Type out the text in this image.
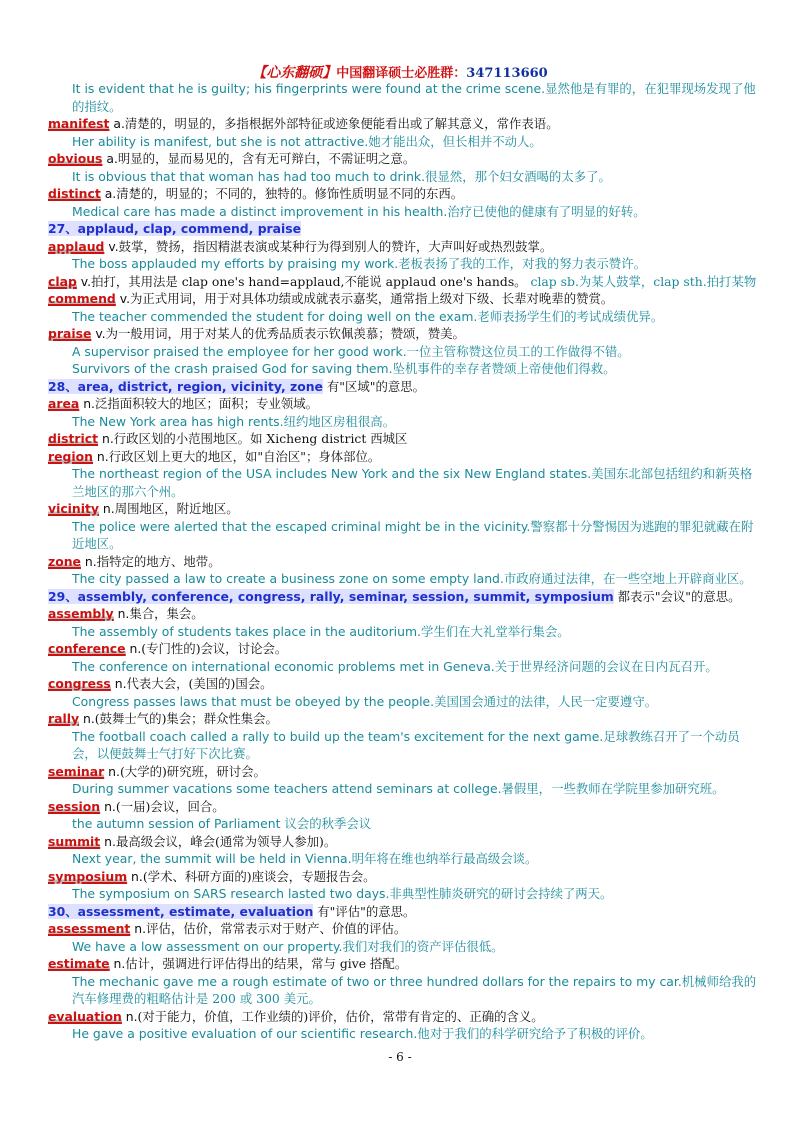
【心东翻硕】中国翻译硕士必胜群：347113660
It is evident that he is guilty; his fingerprints were found at the crime scene.显然他是有罪的，在犯罪现场发现了他的指纹。
manifest a.清楚的，明显的，多指根据外部特征或迹象便能看出或了解其意义，常作表语。
Her ability is manifest, but she is not attractive.她才能出众，但长相并不动人。
obvious a.明显的，显而易见的，含有无可辩白，不需证明之意。
It is obvious that that woman has had too much to drink.很显然，那个妇女酒喝的太多了。
distinct a.清楚的，明显的；不同的，独特的。修饰性质明显不同的东西。
Medical care has made a distinct improvement in his health.治疗已使他的健康有了明显的好转。
27、applaud, clap, commend, praise
applaud v.鼓掌，赞扬，指因精湛表演或某种行为得到别人的赞许，大声叫好或热烈鼓掌。
The boss applauded my efforts by praising my work.老板表扬了我的工作，对我的努力表示赞许。
clap v.拍打，其用法是 clap one's hand=applaud,不能说 applaud one's hands。 clap sb.为某人鼓掌，clap sth.拍打某物
commend v.为正式用词，用于对具体功绩或成就表示嘉奖，通常指上级对下级、长辈对晚辈的赞赏。
The teacher commended the student for doing well on the exam.老师表扬学生们的考试成绩优异。
praise v.为一般用词，用于对某人的优秀品质表示钦佩羡慕；赞颂，赞美。
A supervisor praised the employee for her good work.一位主管称赞这位员工的工作做得不错。
Survivors of the crash praised God for saving them.坠机事件的幸存者赞颂上帝使他们得救。
28、area, district, region, vicinity, zone 有"区域"的意思。
area n.泛指面积较大的地区；面积；专业领域。
The New York area has high rents.纽约地区房租很高。
district n.行政区划的小范围地区。如 Xicheng district 西城区
region n.行政区划上更大的地区，如"自治区"；身体部位。
The northeast region of the USA includes New York and the six New England states.美国东北部包括纽约和新英格兰地区的那六个州。
vicinity n.周围地区，附近地区。
The police were alerted that the escaped criminal might be in the vicinity.警察都十分警惕因为逃跑的罪犯就藏在附近地区。
zone n.指特定的地方、地带。
The city passed a law to create a business zone on some empty land.市政府通过法律，在一些空地上开辟商业区。
29、assembly, conference, congress, rally, seminar, session, summit, symposium 都表示"会议"的意思。
assembly n.集合，集会。
The assembly of students takes place in the auditorium.学生们在大礼堂举行集会。
conference n.(专门性的)会议，讨论会。
The conference on international economic problems met in Geneva.关于世界经济问题的会议在日内瓦召开。
congress n.代表大会，(美国的)国会。
Congress passes laws that must be obeyed by the people.美国国会通过的法律，人民一定要遵守。
rally n.(鼓舞士气的)集会；群众性集会。
The football coach called a rally to build up the team's excitement for the next game.足球教练召开了一个动员会，以便鼓舞士气打好下次比赛。
seminar n.(大学的)研究班，研讨会。
During summer vacations some teachers attend seminars at college.暑假里，一些教师在学院里参加研究班。
session n.(一届)会议，回合。
the autumn session of Parliament 议会的秋季会议
summit n.最高级会议，峰会(通常为领导人参加)。
Next year, the summit will be held in Vienna.明年将在维也纳举行最高级会谈。
symposium n.(学术、科研方面的)座谈会，专题报告会。
The symposium on SARS research lasted two days.非典型性肺炎研究的研讨会持续了两天。
30、assessment, estimate, evaluation 有"评估"的意思。
assessment n.评估，估价，常常表示对于财产、价值的评估。
We have a low assessment on our property.我们对我们的资产评估很低。
estimate n.估计，强调进行评估得出的结果，常与 give 搭配。
The mechanic gave me a rough estimate of two or three hundred dollars for the repairs to my car.机械师给我的汽车修理费的粗略估计是 200 或 300 美元。
evaluation n.(对于能力，价值，工作业绩的)评价，估价，常带有肯定的、正确的含义。
He gave a positive evaluation of our scientific research.他对于我们的科学研究给予了积极的评价。
- 6 -
